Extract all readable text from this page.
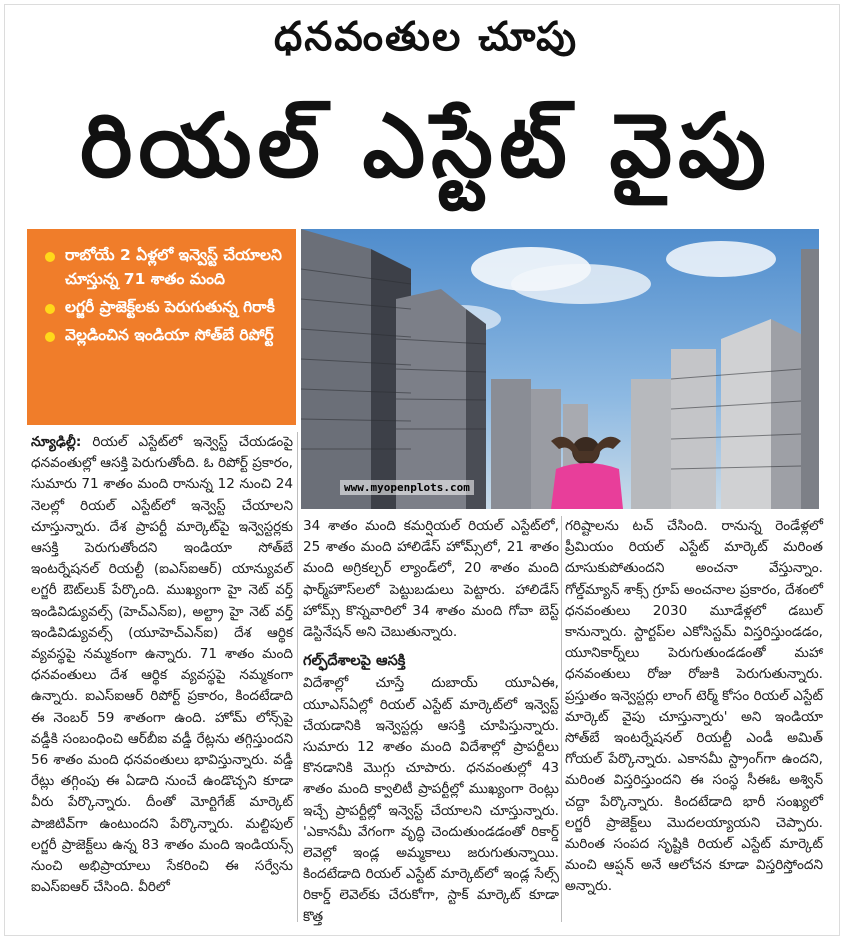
ధనవంతుల చూపు
రియల్ ఎస్టేట్ వైపు
రాబోయే 2 ఏళ్లలో ఇన్వెస్ట్ చేయాలని చూస్తున్న 71 శాతం మంది
లగ్జరీ ప్రాజెక్ట్‌లకు పెరుగుతున్న గిరాకీ
వెల్లడించిన ఇండియా సోత్‌బే రిపోర్ట్
www.myopenplots.com

న్యూఢిల్లీ: రియల్ ఎస్టేట్‌లో ఇన్వెస్ట్ చేయడంపై ధనవంతుల్లో ఆసక్తి పెరుగుతోంది. ఓ రిపోర్ట్ ప్రకారం, సుమారు 71 శాతం మంది రానున్న 12 నుంచి 24 నెలల్లో రియల్ ఎస్టేట్‌లో ఇన్వెస్ట్ చేయాలని చూస్తున్నారు. దేశ ప్రాపర్టీ మార్కెట్‌పై ఇన్వెస్టర్లకు ఆసక్తి పెరుగుతోందని ఇండియా సోత్‌బే ఇంటర్నేషనల్ రియల్టీ (ఐఎస్ఐఆర్) యాన్యువల్ లగ్జరీ ఔట్‌లుక్ పేర్కొంది. ముఖ్యంగా హై నెట్ వర్త్ ఇండివిడ్యువల్స్ (హెచ్ఎన్ఐ), అల్ట్రా హై నెట్ వర్త్ ఇండివిడ్యువల్స్ (యూహెచ్ఎన్ఐ) దేశ ఆర్థిక వ్యవస్థపై నమ్మకంగా ఉన్నారు. 71 శాతం మంది ధనవంతులు దేశ ఆర్థిక వ్యవస్థపై నమ్మకంగా ఉన్నారు. ఐఎస్ఐఆర్ రిపోర్ట్ ప్రకారం, కిందటేడాది ఈ నెంబర్ 59 శాతంగా ఉంది. హోమ్ లోన్స్‌పై వడ్డీకి సంబంధించి ఆర్‌బీఐ వడ్డీ రేట్లను తగ్గిస్తుందని 56 శాతం మంది ధనవంతులు భావిస్తున్నారు. వడ్డీ రేట్లు తగ్గింపు ఈ ఏడాది నుంచే ఉండొచ్చని కూడా వీరు పేర్కొన్నారు. దీంతో మోర్టిగేజ్ మార్కెట్ పాజిటివ్‌గా ఉంటుందని పేర్కొన్నారు. మల్టిపుల్ లగ్జరీ ప్రాజెక్ట్‌లు ఉన్న 83 శాతం మంది ఇండియన్స్ నుంచి అభిప్రాయాలు సేకరించి ఈ సర్వేను ఐఎస్ఐఆర్ చేసింది. వీరిలో

34 శాతం మంది కమర్షియల్ రియల్ ఎస్టేట్‌లో, 25 శాతం మంది హాలిడేస్ హోమ్స్‌లో, 21 శాతం మంది అగ్రికల్చర్ ల్యాండ్‌లో, 20 శాతం మంది ఫార్మ్‌హౌస్‌లలో పెట్టుబడులు పెట్టారు. హాలిడేస్ హోమ్స్ కొన్నవారిలో 34 శాతం మంది గోవా బెస్ట్ డెస్టినేషన్ అని చెబుతున్నారు.

గల్ఫ్‌దేశాలపై ఆసక్తి

విదేశాల్లో చూస్తే దుబాయ్ యూఏఈ, యూఎస్ఏల్లో రియల్ ఎస్టేట్ మార్కెట్‌లో ఇన్వెస్ట్ చేయడానికి ఇన్వెస్టర్లు ఆసక్తి చూపిస్తున్నారు. సుమారు 12 శాతం మంది విదేశాల్లో ప్రాపర్టీలు కొనడానికి మొగ్గు చూపారు. ధనవంతుల్లో 43 శాతం మంది క్వాలిటీ ప్రాపర్టీల్లో ముఖ్యంగా రెంట్లు ఇచ్చే ప్రాపర్టీల్లో ఇన్వెస్ట్ చేయాలని చూస్తున్నారు. 'ఎకానమీ వేగంగా వృద్ధి చెందుతుండడంతో రికార్డ్ లెవెల్లో ఇండ్ల అమ్మకాలు జరుగుతున్నాయి. కిందటేడాది రియల్ ఎస్టేట్ మార్కెట్‌లో ఇండ్ల సేల్స్ రికార్డ్ లెవెల్‌కు చేరుకోగా, స్టాక్ మార్కెట్ కూడా కొత్త

గరిష్టాలను టచ్ చేసింది. రానున్న రెండేళ్లలో ప్రీమియం రియల్ ఎస్టేట్ మార్కెట్ మరింత దూసుకుపోతుందని అంచనా వేస్తున్నాం. గోల్డ్‌మ్యాన్ శాక్స్ గ్రూప్ అంచనాల ప్రకారం, దేశంలో ధనవంతులు 2030 మూడేళ్లలో డబుల్ కానున్నారు. స్టార్టప్‌ల ఎకోసిస్టమ్ విస్తరిస్తుండడం, యూనికార్న్‌లు పెరుగుతుండడంతో మహా ధనవంతులు రోజు రోజుకి పెరుగుతున్నారు. ప్రస్తుతం ఇన్వెస్టర్లు లాంగ్ టెర్మ్ కోసం రియల్ ఎస్టేట్ మార్కెట్ వైపు చూస్తున్నారు' అని ఇండియా సోత్‌బే ఇంటర్నేషనల్ రియల్టీ ఎండీ అమిత్ గోయల్ పేర్కొన్నారు. ఎకానమీ స్ట్రాంగ్‌గా ఉందని, మరింత విస్తరిస్తుందని ఈ సంస్థ సీఈఓ అశ్విన్ చద్దా పేర్కొన్నారు. కిందటేడాది భారీ సంఖ్యలో లగ్జరీ ప్రాజెక్ట్‌లు మొదలయ్యాయని చెప్పారు. మరింత సంపద సృష్టికి రియల్ ఎస్టేట్ మార్కెట్ మంచి ఆప్షన్ అనే ఆలోచన కూడా విస్తరిస్తోందని అన్నారు.
